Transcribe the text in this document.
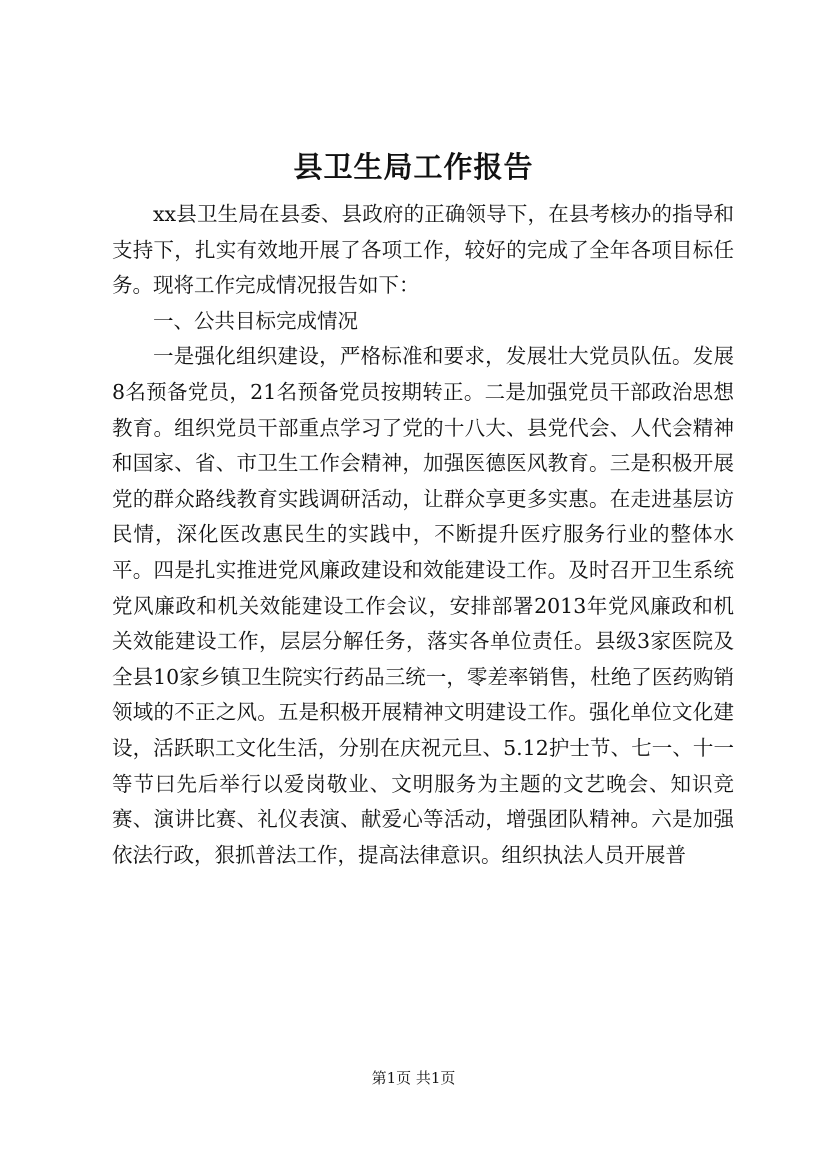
县卫生局工作报告

xx县卫生局在县委、县政府的正确领导下，在县考核办的指导和支持下，扎实有效地开展了各项工作，较好的完成了全年各项目标任务。现将工作完成情况报告如下：

一、公共目标完成情况

一是强化组织建设，严格标准和要求，发展壮大党员队伍。发展8名预备党员，21名预备党员按期转正。二是加强党员干部政治思想教育。组织党员干部重点学习了党的十八大、县党代会、人代会精神和国家、省、市卫生工作会精神，加强医德医风教育。三是积极开展党的群众路线教育实践调研活动，让群众享更多实惠。在走进基层访民情，深化医改惠民生的实践中，不断提升医疗服务行业的整体水平。四是扎实推进党风廉政建设和效能建设工作。及时召开卫生系统党风廉政和机关效能建设工作会议，安排部署2013年党风廉政和机关效能建设工作，层层分解任务，落实各单位责任。县级3家医院及全县10家乡镇卫生院实行药品三统一，零差率销售，杜绝了医药购销领域的不正之风。五是积极开展精神文明建设工作。强化单位文化建设，活跃职工文化生活，分别在庆祝元旦、5.12护士节、七一、十一等节曰先后举行以爱岗敬业、文明服务为主题的文艺晚会、知识竞赛、演讲比赛、礼仪表演、献爱心等活动，增强团队精神。六是加强依法行政，狠抓普法工作，提高法律意识。组织执法人员开展普

第1页 共1页
